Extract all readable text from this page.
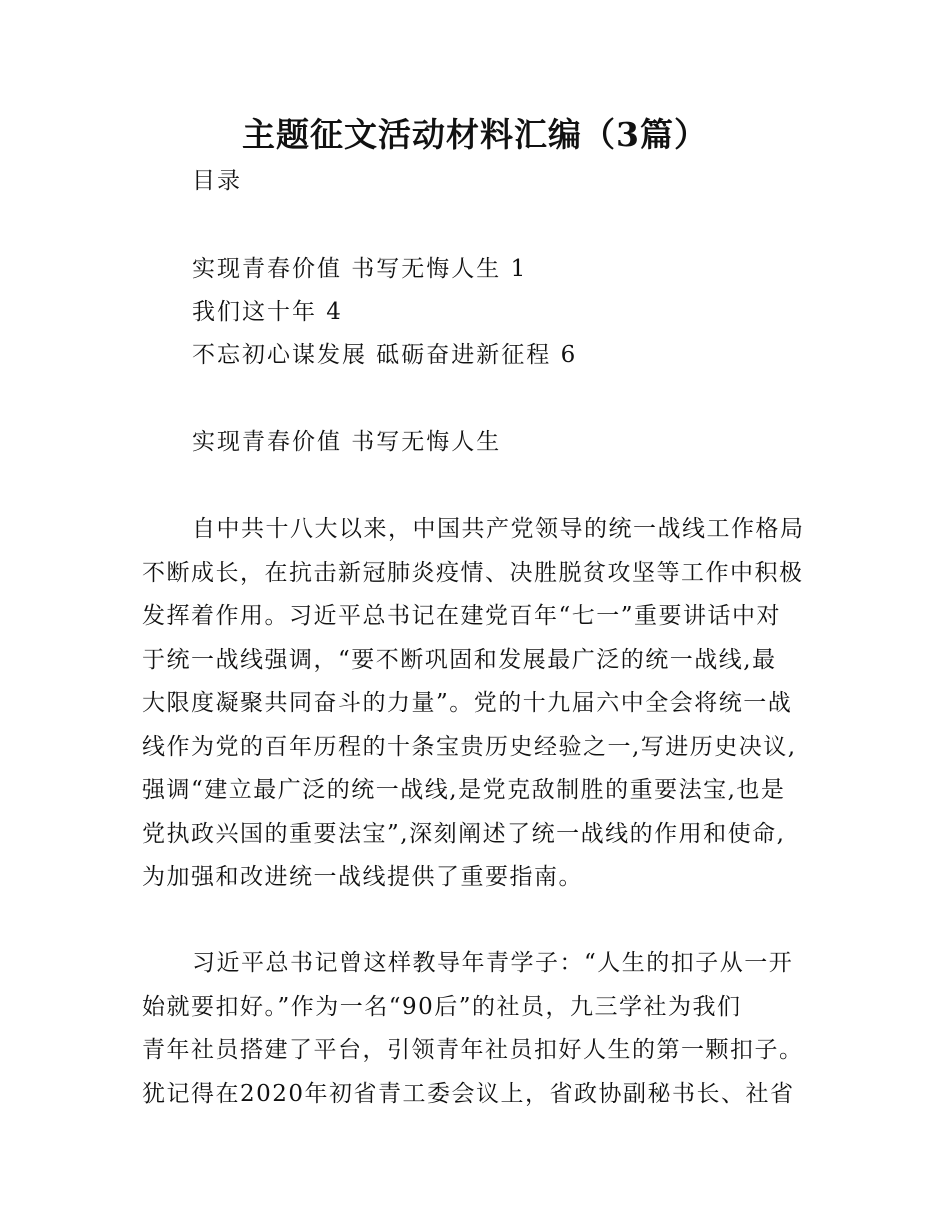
主题征文活动材料汇编（3篇）
目录
实现青春价值 书写无悔人生 1
我们这十年 4
不忘初心谋发展 砥砺奋进新征程 6
实现青春价值 书写无悔人生
自中共十八大以来，中国共产党领导的统一战线工作格局
不断成长，在抗击新冠肺炎疫情、决胜脱贫攻坚等工作中积极
发挥着作用。习近平总书记在建党百年“七一”重要讲话中对
于统一战线强调，“要不断巩固和发展最广泛的统一战线,最
大限度凝聚共同奋斗的力量”。党的十九届六中全会将统一战
线作为党的百年历程的十条宝贵历史经验之一,写进历史决议,
强调“建立最广泛的统一战线,是党克敌制胜的重要法宝,也是
党执政兴国的重要法宝”,深刻阐述了统一战线的作用和使命,
为加强和改进统一战线提供了重要指南。
习近平总书记曾这样教导年青学子：“人生的扣子从一开
始就要扣好。”作为一名“90后”的社员，九三学社为我们
青年社员搭建了平台，引领青年社员扣好人生的第一颗扣子。
犹记得在2020年初省青工委会议上，省政协副秘书长、社省
